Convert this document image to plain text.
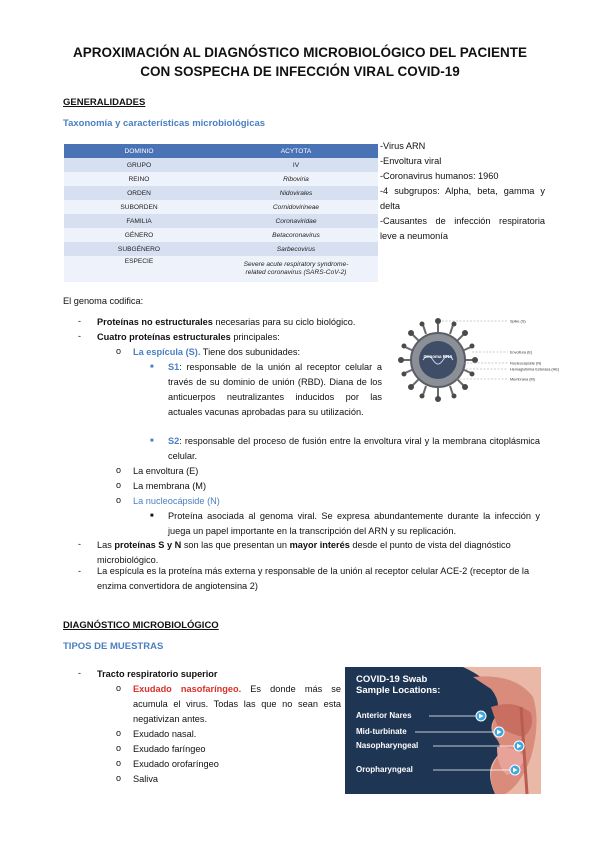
APROXIMACIÓN AL DIAGNÓSTICO MICROBIOLÓGICO DEL PACIENTE
CON SOSPECHA DE INFECCIÓN VIRAL COVID-19
GENERALIDADES
Taxonomía y características microbiológicas
DOMINIO	ACYTOTA
GRUPO	IV
REINO	Riboviria
ORDEN	Nidovirales
SUBORDEN	Cornidovirineae
FAMILIA	Coronaviridae
GÉNERO	Betacoronavirus
SUBGÉNERO	Sarbecovirus
ESPECIE	Severe acute respiratory syndrome-related coronavirus (SARS-CoV-2)
-Virus ARN
-Envoltura viral
-Coronavirus humanos: 1960
-4 subgrupos: Alpha, beta, gamma y delta
-Causantes de infección respiratoria leve a neumonía
El genoma codifica:
- Proteínas no estructurales necesarias para su ciclo biológico.
- Cuatro proteínas estructurales principales:
o La espícula (S). Tiene dos subunidades:
■ S1: responsable de la unión al receptor celular a través de su dominio de unión (RBD). Diana de los anticuerpos neutralizantes inducidos por las actuales vacunas aprobadas para su utilización.
■ S2: responsable del proceso de fusión entre la envoltura viral y la membrana citoplásmica celular.
o La envoltura (E)
o La membrana (M)
o La nucleocápside (N)
■ Proteína asociada al genoma viral. Se expresa abundantemente durante la infección y juega un papel importante en la transcripción del ARN y su replicación.
- Las proteínas S y N son las que presentan un mayor interés desde el punto de vista del diagnóstico microbiológico.
- La espícula es la proteína más externa y responsable de la unión al receptor celular ACE-2 (receptor de la enzima convertidora de angiotensina 2)
Genoma RNA
Spike (S)
Envoltura (E)
Nucleocápside (N)
Hemaglutinina Esterasa (HE)
Membrana (M)
DIAGNÓSTICO MICROBIOLÓGICO
TIPOS DE MUESTRAS
- Tracto respiratorio superior
o Exudado nasofaríngeo. Es donde más se acumula el virus. Todas las que no sean esta negativizan antes.
o Exudado nasal.
o Exudado faríngeo
o Exudado orofaríngeo
o Saliva
COVID-19 Swab
Sample Locations:
Anterior Nares
Mid-turbinate
Nasopharyngeal
Oropharyngeal
